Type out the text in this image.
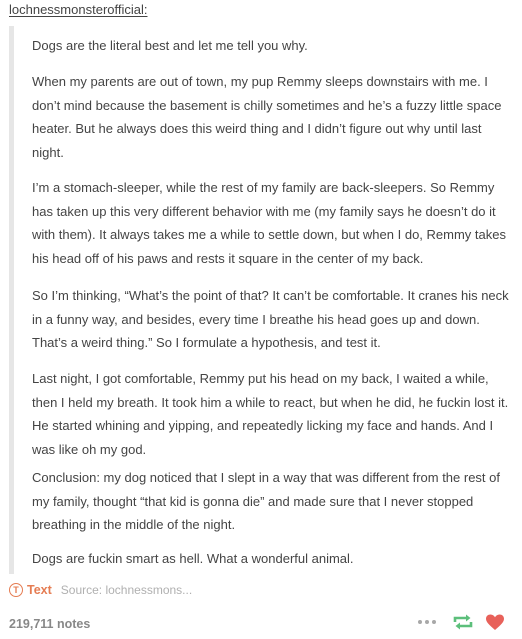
lochnessmonsterofficial:

Dogs are the literal best and let me tell you why.

When my parents are out of town, my pup Remmy sleeps downstairs with me. I don’t mind because the basement is chilly sometimes and he’s a fuzzy little space heater. But he always does this weird thing and I didn’t figure out why until last night.

I’m a stomach-sleeper, while the rest of my family are back-sleepers. So Remmy has taken up this very different behavior with me (my family says he doesn’t do it with them). It always takes me a while to settle down, but when I do, Remmy takes his head off of his paws and rests it square in the center of my back.

So I’m thinking, “What’s the point of that? It can’t be comfortable. It cranes his neck in a funny way, and besides, every time I breathe his head goes up and down. That’s a weird thing.” So I formulate a hypothesis, and test it.

Last night, I got comfortable, Remmy put his head on my back, I waited a while, then I held my breath. It took him a while to react, but when he did, he fuckin lost it. He started whining and yipping, and repeatedly licking my face and hands. And I was like oh my god.

Conclusion: my dog noticed that I slept in a way that was different from the rest of my family, thought “that kid is gonna die” and made sure that I never stopped breathing in the middle of the night.

Dogs are fuckin smart as hell. What a wonderful animal.

T Text Source: lochnessmons...
219,711 notes
